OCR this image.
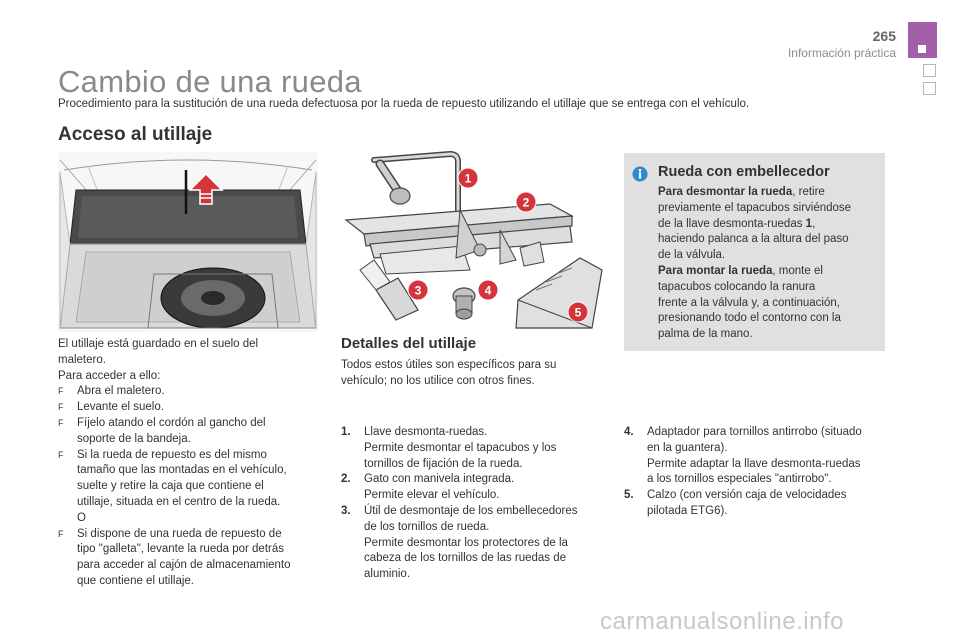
265
Información práctica
Cambio de una rueda
Procedimiento para la sustitución de una rueda defectuosa por la rueda de repuesto utilizando el utillaje que se entrega con el vehículo.
Acceso al utillaje
1
2
3	4
5
El utillaje está guardado en el suelo del
maletero.
Para acceder a ello:
F	Abra el maletero.
F	Levante el suelo.
F	Fíjelo atando el cordón al gancho del
soporte de la bandeja.
F	Si la rueda de repuesto es del mismo
tamaño que las montadas en el vehículo,
suelte y retire la caja que contiene el
utillaje, situada en el centro de la rueda.
O
F	Si dispone de una rueda de repuesto de
tipo "galleta", levante la rueda por detrás
para acceder al cajón de almacenamiento
que contiene el utillaje.
Detalles del utillaje
Todos estos útiles son específicos para su
vehículo; no los utilice con otros fines.
1.	Llave desmonta-ruedas.
Permite desmontar el tapacubos y los
tornillos de fijación de la rueda.
2.	Gato con manivela integrada.
Permite elevar el vehículo.
3.	Útil de desmontaje de los embellecedores
de los tornillos de rueda.
Permite desmontar los protectores de la
cabeza de los tornillos de las ruedas de
aluminio.
4.	Adaptador para tornillos antirrobo (situado
en la guantera).
Permite adaptar la llave desmonta-ruedas
a los tornillos especiales "antirrobo".
5.	Calzo (con versión caja de velocidades
pilotada ETG6).
Rueda con embellecedor
Para desmontar la rueda, retire
previamente el tapacubos sirviéndose
de la llave desmonta-ruedas 1,
haciendo palanca a la altura del paso
de la válvula.
Para montar la rueda, monte el
tapacubos colocando la ranura
frente a la válvula y, a continuación,
presionando todo el contorno con la
palma de la mano.
carmanualsonline.info
